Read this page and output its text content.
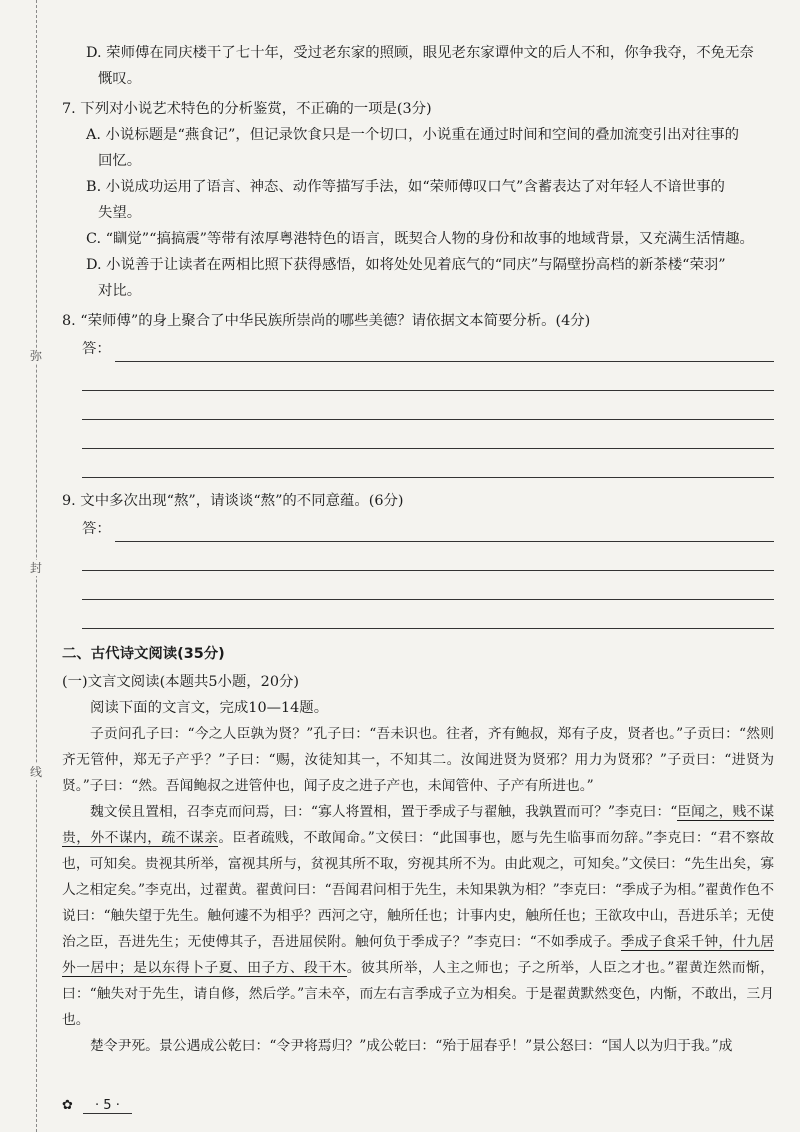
弥
封
线

D. 荣师傅在同庆楼干了七十年，受过老东家的照顾，眼见老东家谭仲文的后人不和，你争我夺，不免无奈
慨叹。

7. 下列对小说艺术特色的分析鉴赏，不正确的一项是(3分)

A. 小说标题是“燕食记”，但记录饮食只是一个切口，小说重在通过时间和空间的叠加流变引出对往事的
回忆。

B. 小说成功运用了语言、神态、动作等描写手法，如“荣师傅叹口气”含蓄表达了对年轻人不谙世事的
失望。

C. “瞓觉”“搞搞震”等带有浓厚粤港特色的语言，既契合人物的身份和故事的地域背景，又充满生活情趣。

D. 小说善于让读者在两相比照下获得感悟，如将处处见着底气的“同庆”与隔壁扮高档的新茶楼“荣羽”
对比。

8. “荣师傅”的身上聚合了中华民族所崇尚的哪些美德？请依据文本简要分析。(4分)

答：

9. 文中多次出现“熬”，请谈谈“熬”的不同意蕴。(6分)

答：

二、古代诗文阅读(35分)

(一)文言文阅读(本题共5小题，20分)

阅读下面的文言文，完成10—14题。

子贡问孔子曰：“今之人臣孰为贤？”孔子曰：“吾未识也。往者，齐有鲍叔，郑有子皮，贤者也。”子贡曰：“然则齐无管仲，郑无子产乎？”子曰：“赐，汝徒知其一，不知其二。汝闻进贤为贤邪？用力为贤邪？”子贡曰：“进贤为贤。”子曰：“然。吾闻鲍叔之进管仲也，闻子皮之进子产也，未闻管仲、子产有所进也。”

魏文侯且置相，召李克而问焉，曰：“寡人将置相，置于季成子与翟触，我孰置而可？”李克曰：“臣闻之，贱不谋贵，外不谋内，疏不谋亲。臣者疏贱，不敢闻命。”文侯曰：“此国事也，愿与先生临事而勿辞。”李克曰：“君不察故也，可知矣。贵视其所举，富视其所与，贫视其所不取，穷视其所不为。由此观之，可知矣。”文侯曰：“先生出矣，寡人之相定矣。”李克出，过翟黄。翟黄问曰：“吾闻君问相于先生，未知果孰为相？”李克曰：“季成子为相。”翟黄作色不说曰：“触失望于先生。触何遽不为相乎？西河之守，触所任也；计事内史，触所任也；王欲攻中山，吾进乐羊；无使治之臣，吾进先生；无使傅其子，吾进屈侯附。触何负于季成子？”李克曰：“不如季成子。季成子食采千钟，什九居外一居中；是以东得卜子夏、田子方、段干木。彼其所举，人主之师也；子之所举，人臣之才也。”翟黄迮然而惭，曰：“触失对于先生，请自修，然后学。”言未卒，而左右言季成子立为相矣。于是翟黄默然变色，内惭，不敢出，三月也。

楚令尹死。景公遇成公乾曰：“令尹将焉归？”成公乾曰：“殆于屈春乎！”景公怒曰：“国人以为归于我。”成

✿ · 5 ·
